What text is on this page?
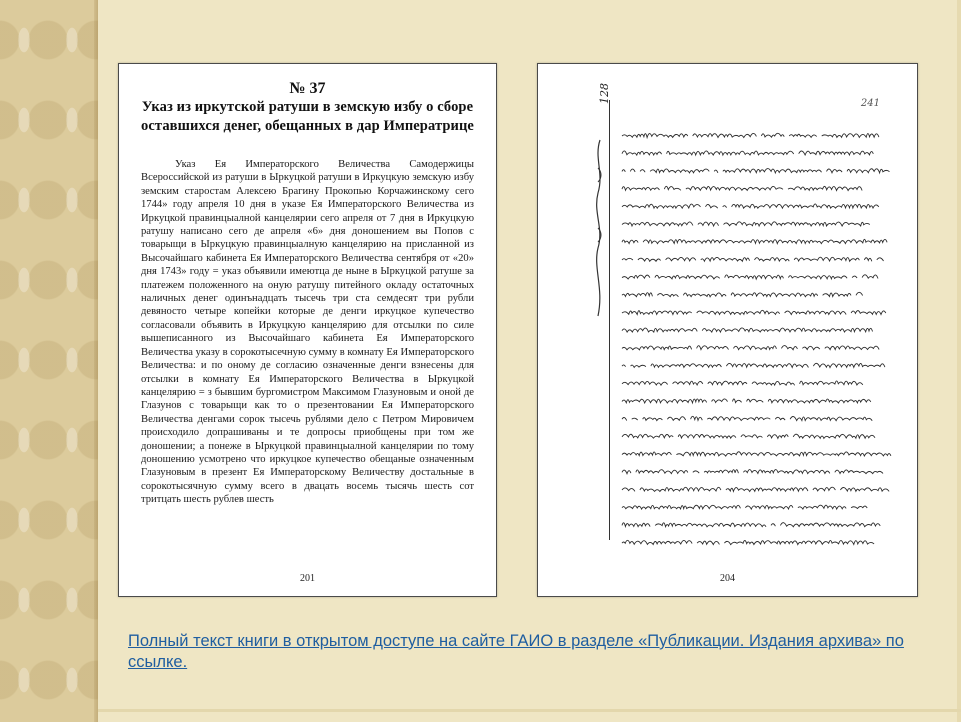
№ 37
Указ из иркутской ратуши в земскую избу о сборе оставшихся денег, обещанных в дар Императрице

Указ Ея Императорского Величества Самодержицы Всероссийской из ратуши в Ыркуцкой ратуши в Иркуцкую земскую избу земским старостам Алексею Брагину Прокопью Корчажинскому сего 1744» году апреля 10 дня в указе Ея Императорского Величества из Иркуцкой правинцыалной канцелярии сего апреля от 7 дня в Иркуцкую ратушу написано сего де апреля «6» дня доношением вы Попов с товарыщи в Ыркуцкую правинцыалную канцелярию на присланной из Высочайшаго кабинета Ея Императорского Величества сентября от «20» дня 1743» году = указ объявили имеютца де ныне в Ыркуцкой ратуше за платежем положенного на оную ратушу питейного окладу остаточных наличных денег одинънадцать тысечь три ста семдесят три рубли девяносто четыре копейки которые де денги иркуцкое купечество согласовали объявить в Иркуцкую канцелярию для отсылки по силе вышеписанного из Высочайшаго кабинета Ея Императорского Величества указу в сорокотысечную сумму в комнату Ея Императорского Величества: и по оному де согласию означенные денги взнесены для отсылки в комнату Ея Императорского Величества в Ыркуцкой канцелярию = з бывшим бургомистром Максимом Глазуновым и оной де Глазунов с товарыщи как то о презентовании Ея Императорского Величества денгами сорок тысечь рублями дело с Петром Мировичем происходило допрашиваны и те допросы приобщены при том же доношении; а понеже в Ыркуцкой правинцыалной канцелярии по тому доношению усмотрено что иркуцкое купечество обещаные означенным Глазуновым в презент Ея Императорскому Величеству достальные в сорокотысячную сумму всего в двацать восемь тысячь шесть сот тритцать шесть рублев шесть

201
128	241
204

Полный текст книги в открытом доступе на сайте ГАИО в разделе «Публикации. Издания архива» по ссылке.
